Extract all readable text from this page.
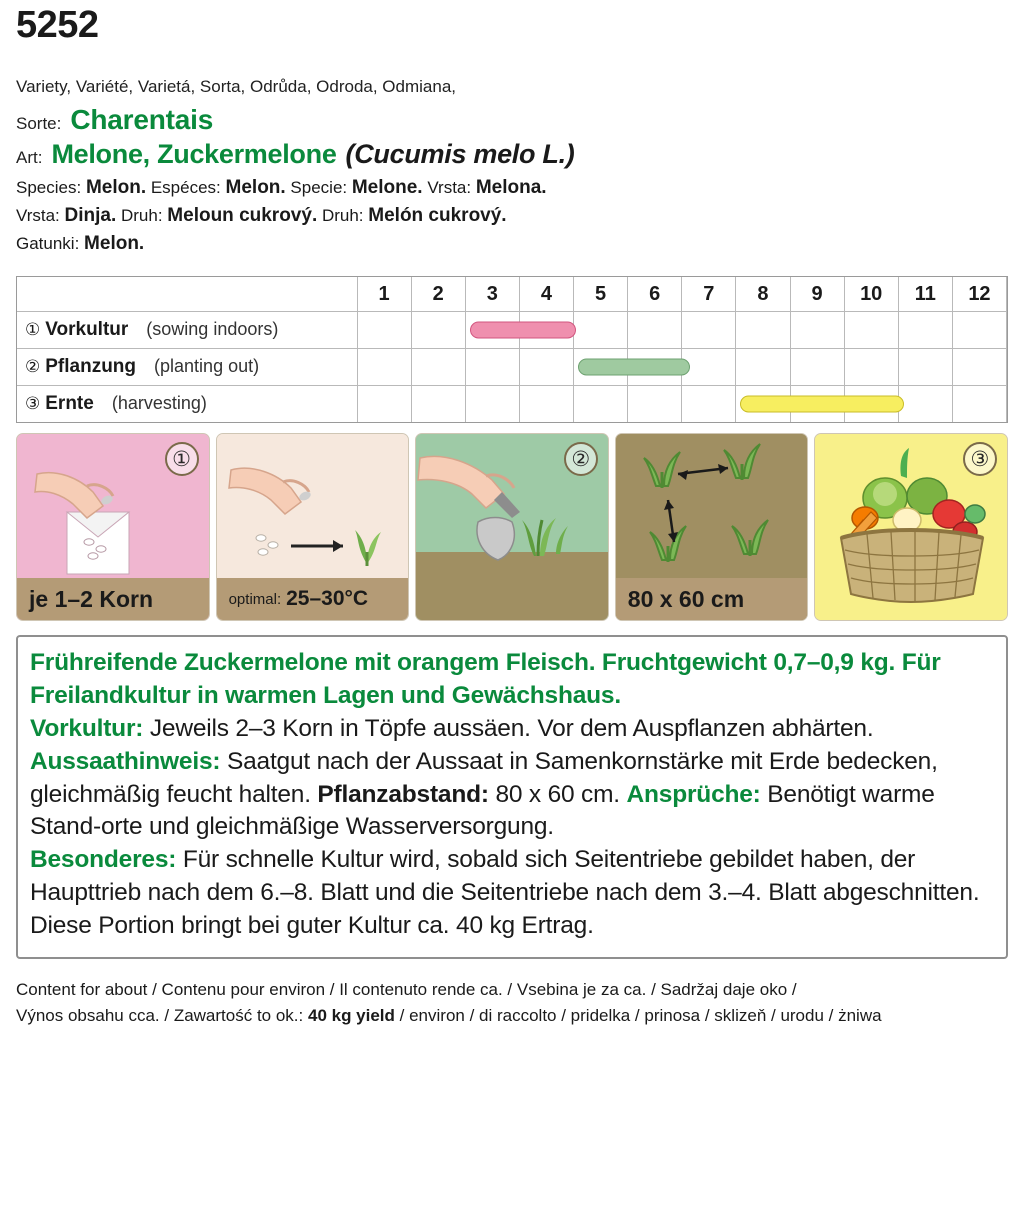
5252
Variety, Variété, Varietá, Sorta, Odrůda, Odroda, Odmiana,
Sorte: Charentais
Art: Melone, Zuckermelone (Cucumis melo L.)
Species: Melon. Espéces: Melon. Specie: Melone. Vrsta: Melona.
Vrsta: Dinja. Druh: Meloun cukrový. Druh: Melón cukrový.
Gatunki: Melon.
	1	2	3	4	5	6	7	8	9	10	11	12
① Vorkultur (sowing indoors)			

② Pflanzung (planting out)					

③ Ernte (harvesting)								

①
je 1–2 Korn	optimal: 25–30°C
②
80 x 60 cm
③

Frühreifende Zuckermelone mit orangem Fleisch. Fruchtgewicht 0,7–0,9 kg. Für Freilandkultur in warmen Lagen und Gewächshaus.

Vorkultur: Jeweils 2–3 Korn in Töpfe aussäen. Vor dem Auspflanzen abhärten. Aussaathinweis: Saatgut nach der Aussaat in Samenkornstärke mit Erde bedecken, gleichmäßig feucht halten. Pflanzabstand: 80 x 60 cm. Ansprüche: Benötigt warme Stand-orte und gleichmäßige Wasserversorgung.

Besonderes: Für schnelle Kultur wird, sobald sich Seitentriebe gebildet haben, der Haupttrieb nach dem 6.–8. Blatt und die Seitentriebe nach dem 3.–4. Blatt abgeschnitten.

Diese Portion bringt bei guter Kultur ca. 40 kg Ertrag.

Content for about / Contenu pour environ / Il contenuto rende ca. / Vsebina je za ca. / Sadržaj daje oko /
Výnos obsahu cca. / Zawartość to ok.: 40 kg yield / environ / di raccolto / pridelka / prinosa / sklizeň / urodu / żniwa
